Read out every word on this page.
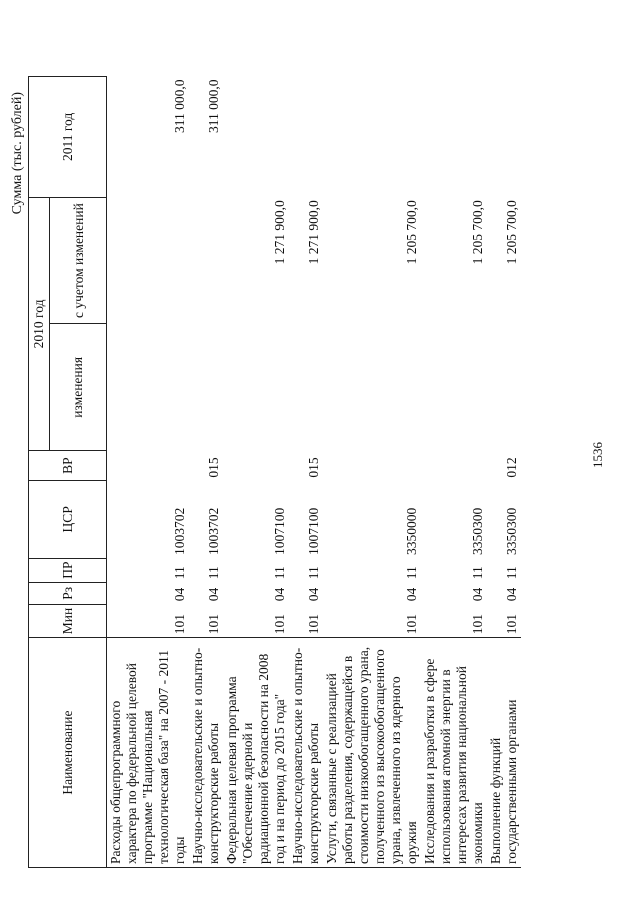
1536
Сумма (тыс. рублей)
Наименование	Мин	Рз	ПР	ЦСР	ВР	2010 год		2011 год
						изменения	с учетом изменений	
Расходы общепрограммного характера по федеральной целевой программе "Национальная технологическая база" на 2007 - 2011 годы	101	04	11	1003702				311 000,0
Научно-исследовательские и опытно-конструкторские работы	101	04	11	1003702	015			311 000,0
Федеральная целевая программа "Обеспечение ядерной и радиационной безопасности на 2008 год и на период до 2015 года"	101	04	11	1007100			1 271 900,0	
Научно-исследовательские и опытно-конструкторские работы	101	04	11	1007100	015		1 271 900,0	
Услуги, связанные с реализацией работы разделения, содержащейся в стоимости низкообогащенного урана, полученного из высокообогащенного урана, извлеченного из ядерного оружия	101	04	11	3350000			1 205 700,0	
Исследования и разработки в сфере использования атомной энергии в интересах развития национальной экономики	101	04	11	3350300			1 205 700,0	
Выполнение функций государственными органами	101	04	11	3350300	012		1 205 700,0	
